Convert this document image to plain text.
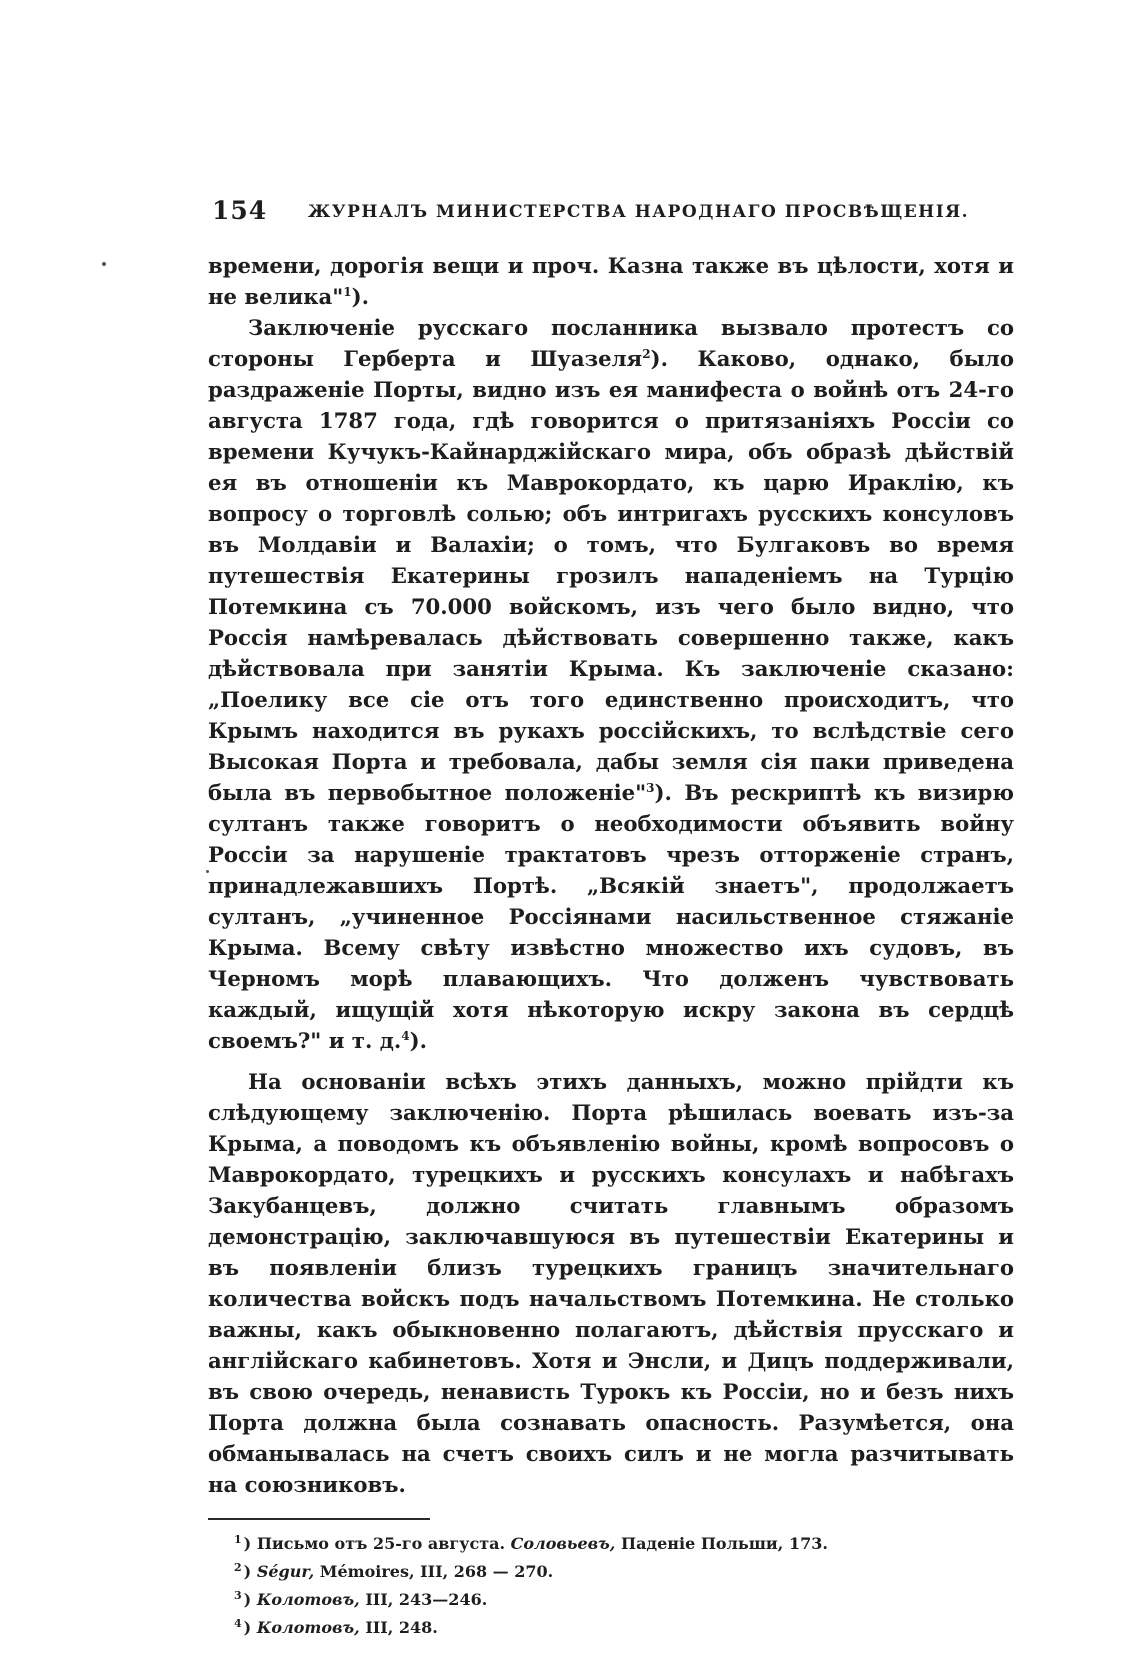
154 ЖУРНАЛЪ МИНИСТЕРСТВА НАРОДНАГО ПРОСВѢЩЕНІЯ.

времени, дорогія вещи и проч. Казна также въ цѣлости, хотя и не велика"$^1$).

Заключеніе русскаго посланника вызвало протестъ со стороны Герберта и Шуазеля$^2$). Каково, однако, было раздраженіе Порты, видно изъ ея манифеста о войнѣ отъ 24-го августа 1787 года, гдѣ говорится о притязаніяхъ Россіи со времени Кучукъ-Кайнарджійскаго мира, объ образѣ дѣйствій ея въ отношеніи къ Маврокордато, къ царю Ираклію, къ вопросу о торговлѣ солью; объ интригахъ русскихъ консуловъ въ Молдавіи и Валахіи; о томъ, что Булгаковъ во время путешествія Екатерины грозилъ нападеніемъ на Турцію Потемкина съ 70.000 войскомъ, изъ чего было видно, что Россія намѣревалась дѣйствовать совершенно также, какъ дѣйствовала при занятіи Крыма. Къ заключеніе сказано: „Поелику все сіе отъ того единственно происходитъ, что Крымъ находится въ рукахъ россійскихъ, то вслѣдствіе сего Высокая Порта и требовала, дабы земля сія паки приведена была въ первобытное положеніе"$^3$). Въ рескриптѣ къ визирю султанъ также говоритъ о необходимости объявить войну Россіи за нарушеніе трактатовъ чрезъ отторженіе странъ, принадлежавшихъ Портѣ. „Всякій знаетъ", продолжаетъ султанъ, „учиненное Россіянами насильственное стяжаніе Крыма. Всему свѣту извѣстно множество ихъ судовъ, въ Черномъ морѣ плавающихъ. Что долженъ чувствовать каждый, ищущій хотя нѣкоторую искру закона въ сердцѣ своемъ?" и т. д.$^4$).

На основаніи всѣхъ этихъ данныхъ, можно прійдти къ слѣдующему заключенію. Порта рѣшилась воевать изъ-за Крыма, а поводомъ къ объявленію войны, кромѣ вопросовъ о Маврокордато, турецкихъ и русскихъ консулахъ и набѣгахъ Закубанцевъ, должно считать главнымъ образомъ демонстрацію, заключавшуюся въ путешествіи Екатерины и въ появленіи близъ турецкихъ границъ значительнаго количества войскъ подъ начальствомъ Потемкина. Не столько важны, какъ обыкновенно полагаютъ, дѣйствія прусскаго и англійскаго кабинетовъ. Хотя и Энсли, и Дицъ поддерживали, въ свою очередь, ненависть Турокъ къ Россіи, но и безъ нихъ Порта должна была сознавать опасность. Разумѣется, она обманывалась на счетъ своихъ силъ и не могла разчитывать на союзниковъ.

$^1$ ) Письмо отъ 25-го августа. Соловьевъ, Паденіе Польши, 173.
$^2$ ) Ségur, Mémoires, III, 268 — 270.
$^3$ ) Колотовъ, III, 243—246.
$^4$ ) Колотовъ, III, 248.
